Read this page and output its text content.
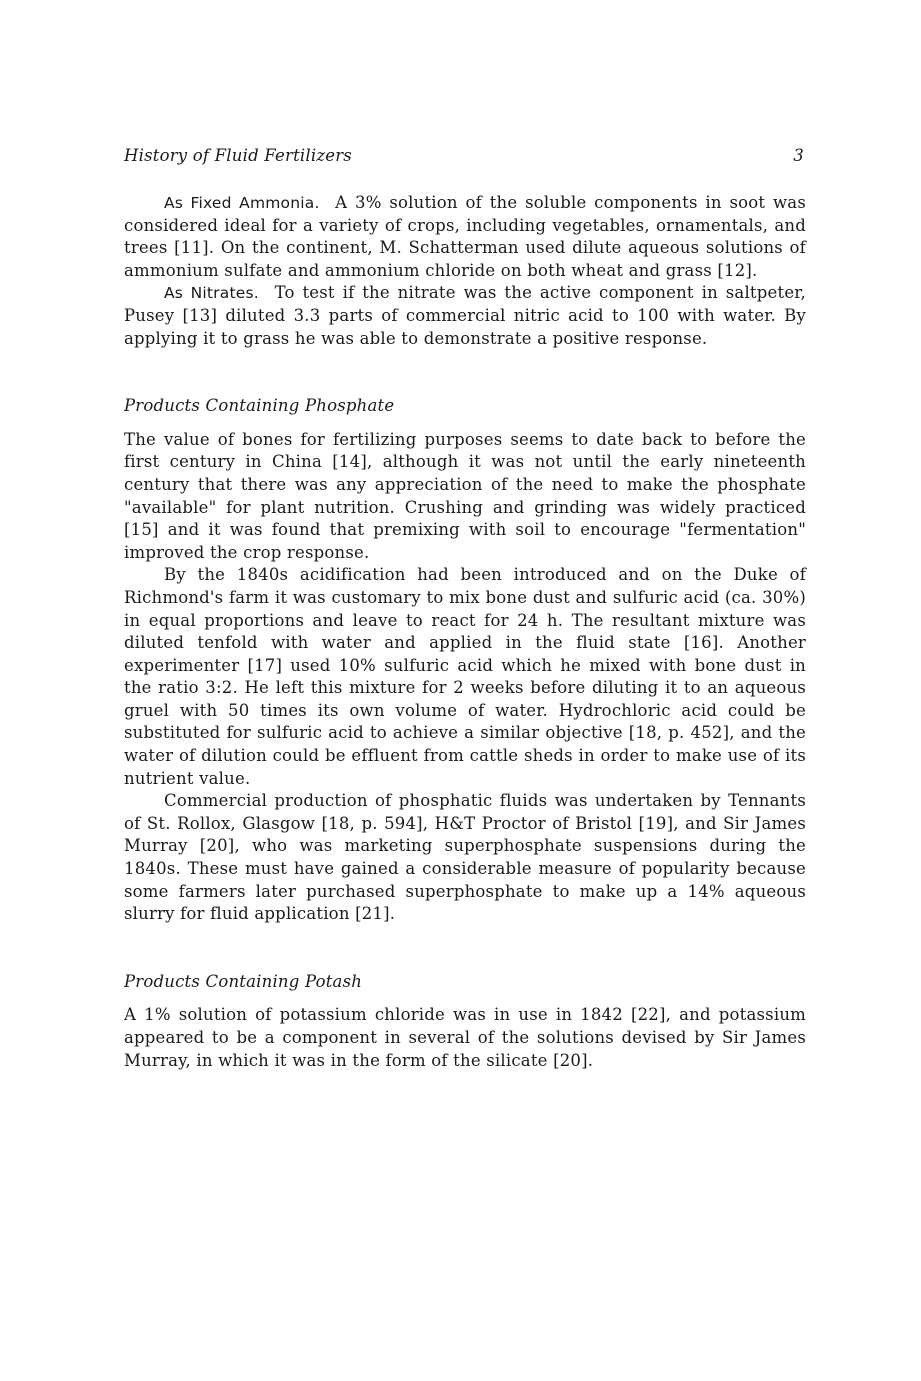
History of Fluid Fertilizers	3

As Fixed Ammonia. A 3% solution of the soluble components in soot was considered ideal for a variety of crops, including vegetables, ornamentals, and trees [11]. On the continent, M. Schatterman used dilute aqueous solutions of ammonium sulfate and ammonium chloride on both wheat and grass [12].

As Nitrates. To test if the nitrate was the active component in saltpeter, Pusey [13] diluted 3.3 parts of commercial nitric acid to 100 with water. By applying it to grass he was able to demonstrate a positive response.

Products Containing Phosphate

The value of bones for fertilizing purposes seems to date back to before the first century in China [14], although it was not until the early nineteenth century that there was any appreciation of the need to make the phosphate "available" for plant nutrition. Crushing and grinding was widely practiced [15] and it was found that premixing with soil to encourage "fermentation" improved the crop response.

By the 1840s acidification had been introduced and on the Duke of Richmond's farm it was customary to mix bone dust and sulfuric acid (ca. 30%) in equal proportions and leave to react for 24 h. The resultant mixture was diluted tenfold with water and applied in the fluid state [16]. Another experimenter [17] used 10% sulfuric acid which he mixed with bone dust in the ratio 3:2. He left this mixture for 2 weeks before diluting it to an aqueous gruel with 50 times its own volume of water. Hydrochloric acid could be substituted for sulfuric acid to achieve a similar objective [18, p. 452], and the water of dilution could be effluent from cattle sheds in order to make use of its nutrient value.

Commercial production of phosphatic fluids was undertaken by Tennants of St. Rollox, Glasgow [18, p. 594], H&T Proctor of Bristol [19], and Sir James Murray [20], who was marketing superphosphate suspensions during the 1840s. These must have gained a considerable measure of popularity because some farmers later purchased superphosphate to make up a 14% aqueous slurry for fluid application [21].

Products Containing Potash

A 1% solution of potassium chloride was in use in 1842 [22], and potassium appeared to be a component in several of the solutions devised by Sir James Murray, in which it was in the form of the silicate [20].
